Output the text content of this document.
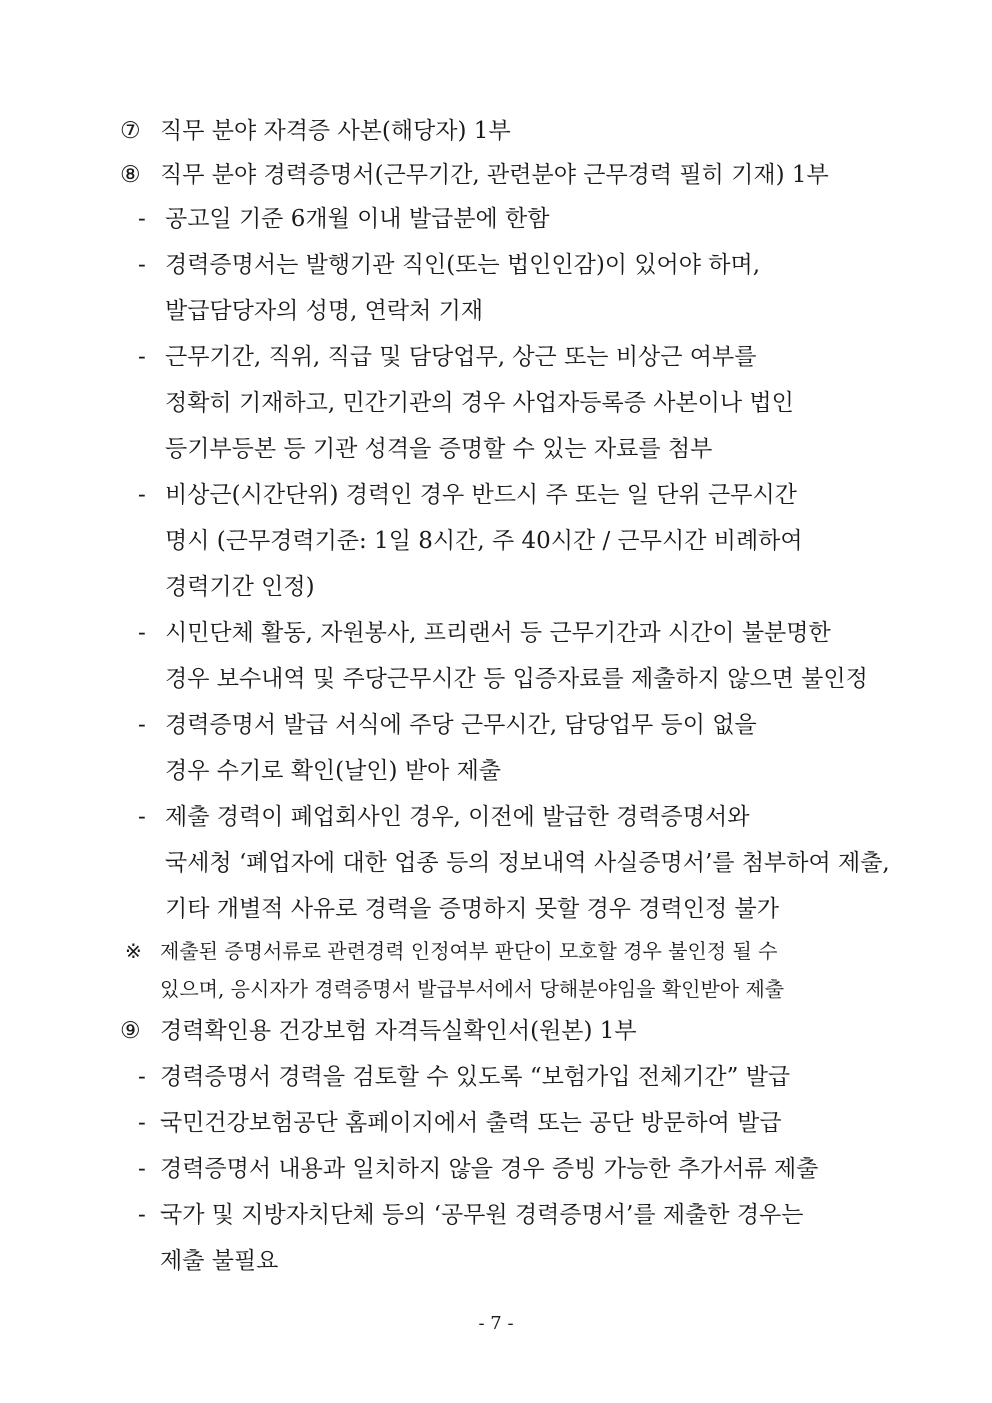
⑦ 직무 분야 자격증 사본(해당자) 1부
⑧ 직무 분야 경력증명서(근무기간, 관련분야 근무경력 필히 기재) 1부
- 공고일 기준 6개월 이내 발급분에 한함
- 경력증명서는 발행기관 직인(또는 법인인감)이 있어야 하며,
발급담당자의 성명, 연락처 기재
- 근무기간, 직위, 직급 및 담당업무, 상근 또는 비상근 여부를
정확히 기재하고, 민간기관의 경우 사업자등록증 사본이나 법인
등기부등본 등 기관 성격을 증명할 수 있는 자료를 첨부
- 비상근(시간단위) 경력인 경우 반드시 주 또는 일 단위 근무시간
명시 (근무경력기준: 1일 8시간, 주 40시간 / 근무시간 비례하여
경력기간 인정)
- 시민단체 활동, 자원봉사, 프리랜서 등 근무기간과 시간이 불분명한
경우 보수내역 및 주당근무시간 등 입증자료를 제출하지 않으면 불인정
- 경력증명서 발급 서식에 주당 근무시간, 담당업무 등이 없을
경우 수기로 확인(날인) 받아 제출
- 제출 경력이 폐업회사인 경우, 이전에 발급한 경력증명서와
국세청 ‘폐업자에 대한 업종 등의 정보내역 사실증명서’를 첨부하여 제출,
기타 개별적 사유로 경력을 증명하지 못할 경우 경력인정 불가
※ 제출된 증명서류로 관련경력 인정여부 판단이 모호할 경우 불인정 될 수
있으며, 응시자가 경력증명서 발급부서에서 당해분야임을 확인받아 제출
⑨ 경력확인용 건강보험 자격득실확인서(원본) 1부
- 경력증명서 경력을 검토할 수 있도록 “보험가입 전체기간” 발급
- 국민건강보험공단 홈페이지에서 출력 또는 공단 방문하여 발급
- 경력증명서 내용과 일치하지 않을 경우 증빙 가능한 추가서류 제출
- 국가 및 지방자치단체 등의 ‘공무원 경력증명서’를 제출한 경우는
제출 불필요
- 7 -
